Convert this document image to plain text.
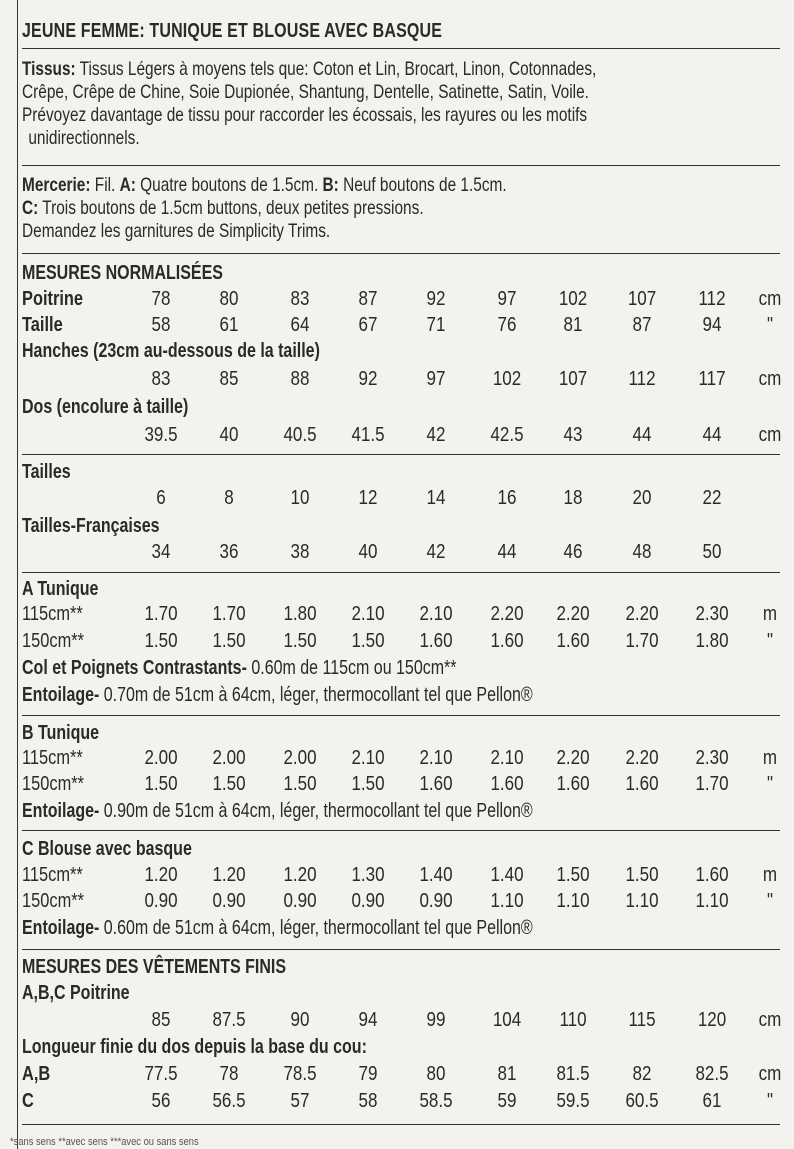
JEUNE FEMME: TUNIQUE ET BLOUSE AVEC BASQUE
Tissus: Tissus Légers à moyens tels que: Coton et Lin, Brocart, Linon, Cotonnades,
Crêpe, Crêpe de Chine, Soie Dupionée, Shantung, Dentelle, Satinette, Satin, Voile.
Prévoyez davantage de tissu pour raccorder les écossais, les rayures ou les motifs
unidirectionnels.
Mercerie: Fil. A: Quatre boutons de 1.5cm. B: Neuf boutons de 1.5cm.
C: Trois boutons de 1.5cm buttons, deux petites pressions.
Demandez les garnitures de Simplicity Trims.
MESURES NORMALISÉES
Poitrine	78 80	83 87 92	97 102 107 112 cm
Taille	58 61	64 67 71	76 81	87	94 "
Hanches (23cm au-dessous de la taille)
83 85	88 92 97 102 107 112 117 cm
Dos (encolure à taille)
39.5 40 40.5 41.5 42 42.5 43	44	44 cm
Tailles
6	8	10 12 14	16 18	20	22
Tailles-Françaises
34 36	38 40 42	44 46	48	50
A Tunique
115cm**	1.70 1.70 1.80 2.10 2.10 2.20 2.20 2.20 2.30 m
150cm**	1.50 1.50 1.50 1.50 1.60 1.60 1.60 1.70 1.80 "
Col et Poignets Contrastants- 0.60m de 115cm ou 150cm**
Entoilage- 0.70m de 51cm à 64cm, léger, thermocollant tel que Pellon®
B Tunique
115cm**	2.00 2.00 2.00 2.10 2.10 2.10 2.20 2.20 2.30 m
150cm**	1.50 1.50 1.50 1.50 1.60 1.60 1.60 1.60 1.70 "
Entoilage- 0.90m de 51cm à 64cm, léger, thermocollant tel que Pellon®
C Blouse avec basque
115cm**	1.20 1.20 1.20 1.30 1.40 1.40 1.50 1.50 1.60 m
150cm**	0.90 0.90 0.90 0.90 0.90 1.10 1.10 1.10 1.10 "
Entoilage- 0.60m de 51cm à 64cm, léger, thermocollant tel que Pellon®
MESURES DES VÊTEMENTS FINIS
A,B,C Poitrine
85 87.5 90 94 99 104 110 115 120 cm
Longueur finie du dos depuis la base du cou:
A,B	77.5 78 78.5 79 80	81 81.5 82 82.5 cm
C	56 56.5 57 58 58.5 59 59.5 60.5 61 "
*sans sens **avec sens ***avec ou sans sens
